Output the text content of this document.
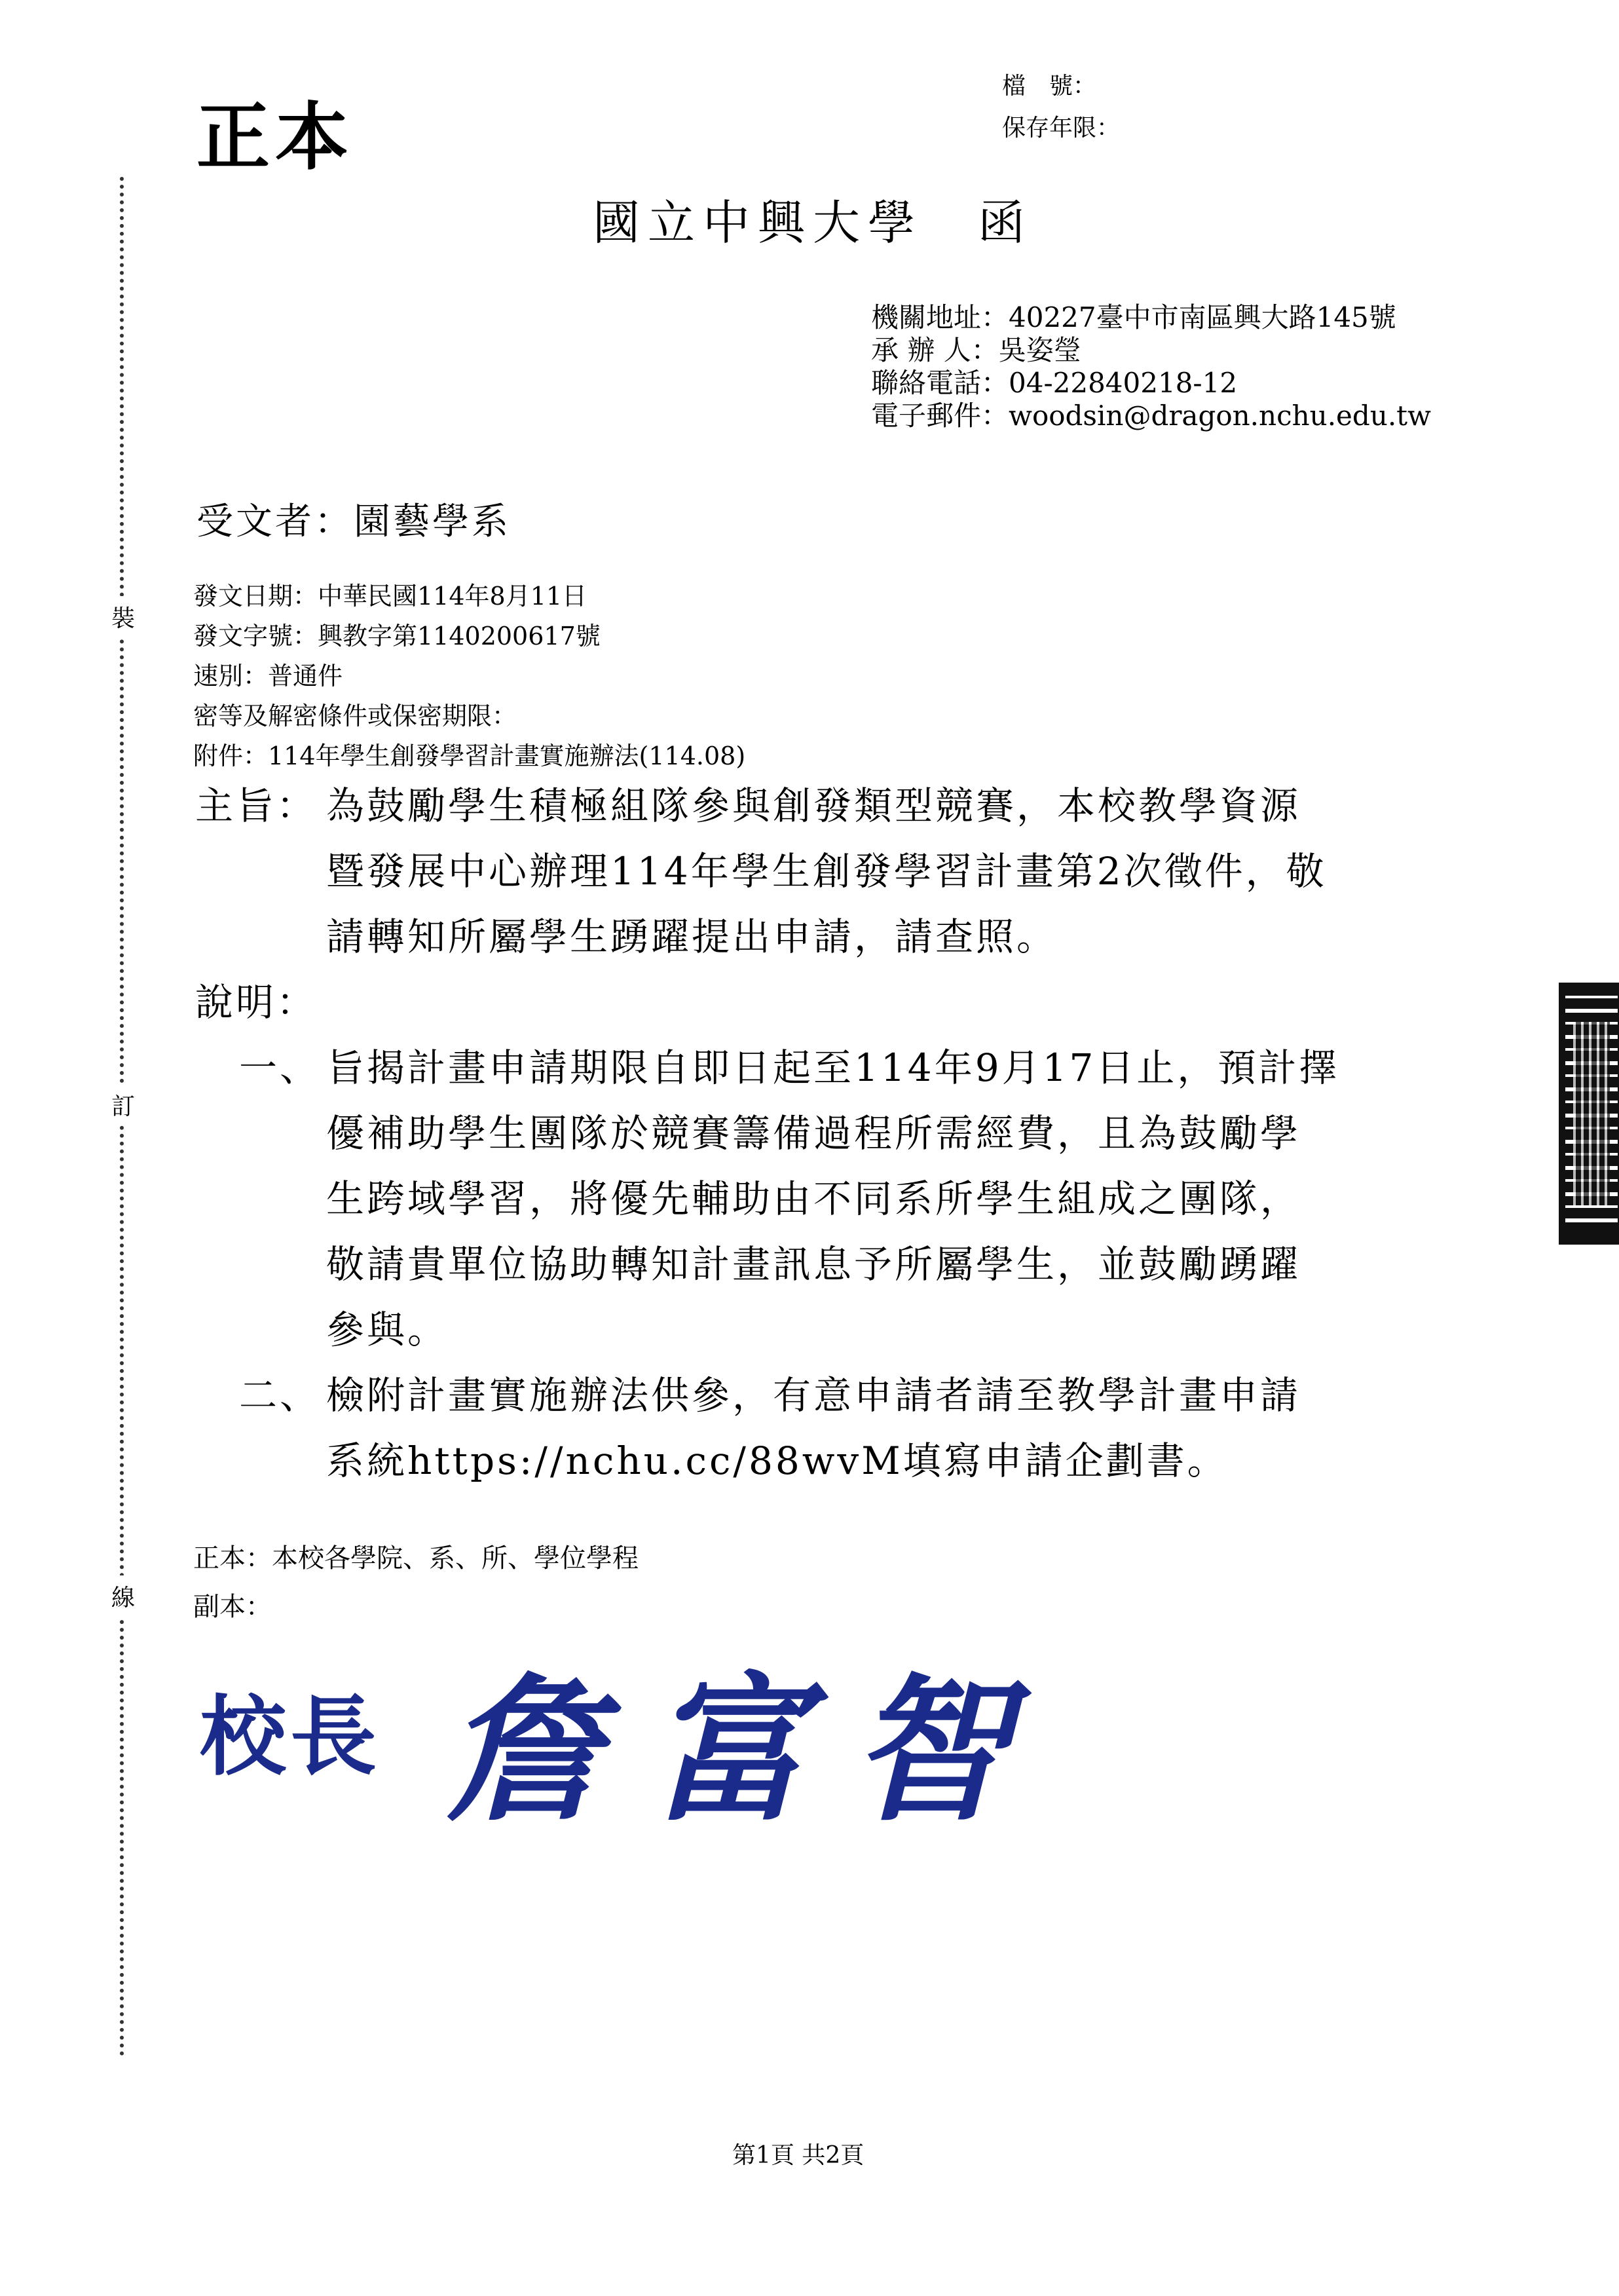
裝
訂
線
正本
檔　號：
保存年限：
國立中興大學　函
機關地址：40227臺中市南區興大路145號
承 辦 人：吳姿瑩
聯絡電話：04-22840218-12
電子郵件：woodsin@dragon.nchu.edu.tw
受文者：園藝學系
發文日期：中華民國114年8月11日
發文字號：興教字第1140200617號
速別：普通件
密等及解密條件或保密期限：
附件：114年學生創發學習計畫實施辦法(114.08)
主旨： 為鼓勵學生積極組隊參與創發類型競賽，本校教學資源
暨發展中心辦理114年學生創發學習計畫第2次徵件，敬
請轉知所屬學生踴躍提出申請，請查照。
說明：
一、 旨揭計畫申請期限自即日起至114年9月17日止，預計擇
優補助學生團隊於競賽籌備過程所需經費，且為鼓勵學
生跨域學習，將優先輔助由不同系所學生組成之團隊，
敬請貴單位協助轉知計畫訊息予所屬學生，並鼓勵踴躍
參與。
二、 檢附計畫實施辦法供參，有意申請者請至教學計畫申請
系統https://nchu.cc/88wvM填寫申請企劃書。
正本：本校各學院、系、所、學位學程
副本：
校長 詹富智
第1頁 共2頁
